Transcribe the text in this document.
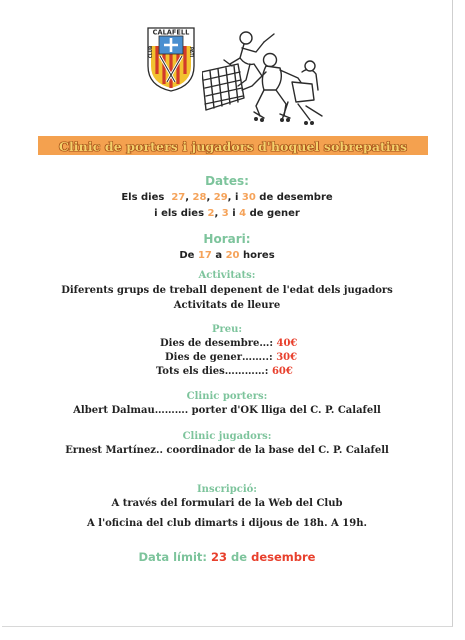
CALAFELL
CLUB	PATÍ
Clinic de porters i jugadors d'hoquel sobrepatins
Dates:
Els dies 27, 28, 29, i 30 de desembre
i els dies 2, 3 i 4 de gener
Horari:
De 17 a 20 hores
Activitats:
Diferents grups de treball depenent de l'edat dels jugadors
Activitats de lleure
Preu:
Dies de desembre…: 40€
Dies de gener……..: 30€
Tots els dies…………: 60€
Clinic porters:
Albert Dalmau………. porter d'OK lliga del C. P. Calafell
Clinic jugadors:
Ernest Martínez.. coordinador de la base del C. P. Calafell
Inscripció:
A través del formulari de la Web del Club
A l'oficina del club dimarts i dijous de 18h. A 19h.
Data límit: 23 de desembre
